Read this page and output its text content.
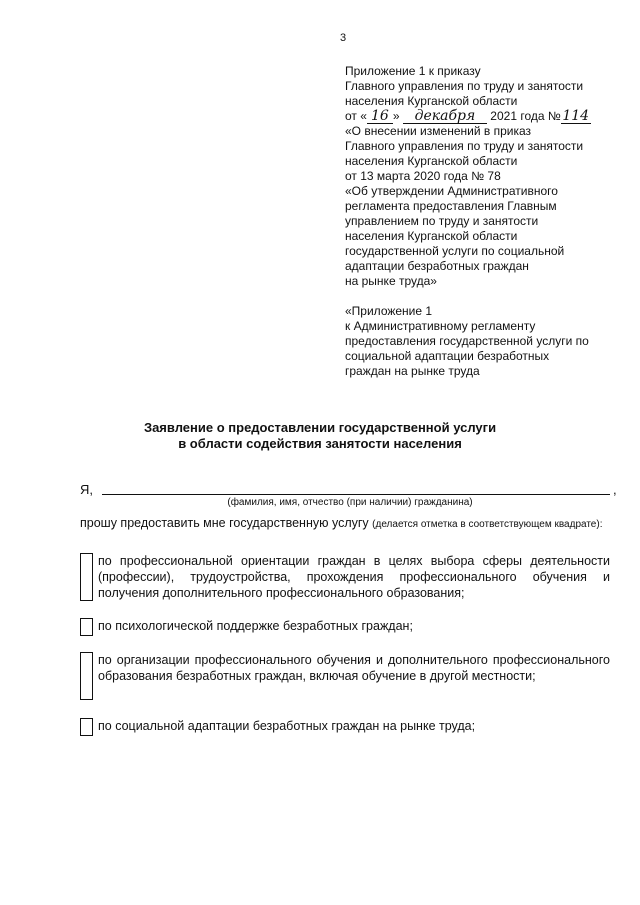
3
Приложение 1 к приказу
Главного управления по труду и занятости
населения Курганской области
от « 16 » декабря 2021 года № 114
«О внесении изменений в приказ
Главного управления по труду и занятости
населения Курганской области
от 13 марта 2020 года № 78
«Об утверждении Административного
регламента предоставления Главным
управлением по труду и занятости
населения Курганской области
государственной услуги по социальной
адаптации безработных граждан
на рынке труда»
«Приложение 1
к Административному регламенту
предоставления государственной услуги по
социальной адаптации безработных
граждан на рынке труда
Заявление о предоставлении государственной услуги
в области содействия занятости населения
Я,	,
(фамилия, имя, отчество (при наличии) гражданина)
прошу предоставить мне государственную услугу (делается отметка в соответствующем квадрате):
по профессиональной ориентации граждан в целях выбора сферы деятельности (профессии), трудоустройства, прохождения профессионального обучения и получения дополнительного профессионального образования;
по психологической поддержке безработных граждан;
по организации профессионального обучения и дополнительного профессионального образования безработных граждан, включая обучение в другой местности;
по социальной адаптации безработных граждан на рынке труда;
